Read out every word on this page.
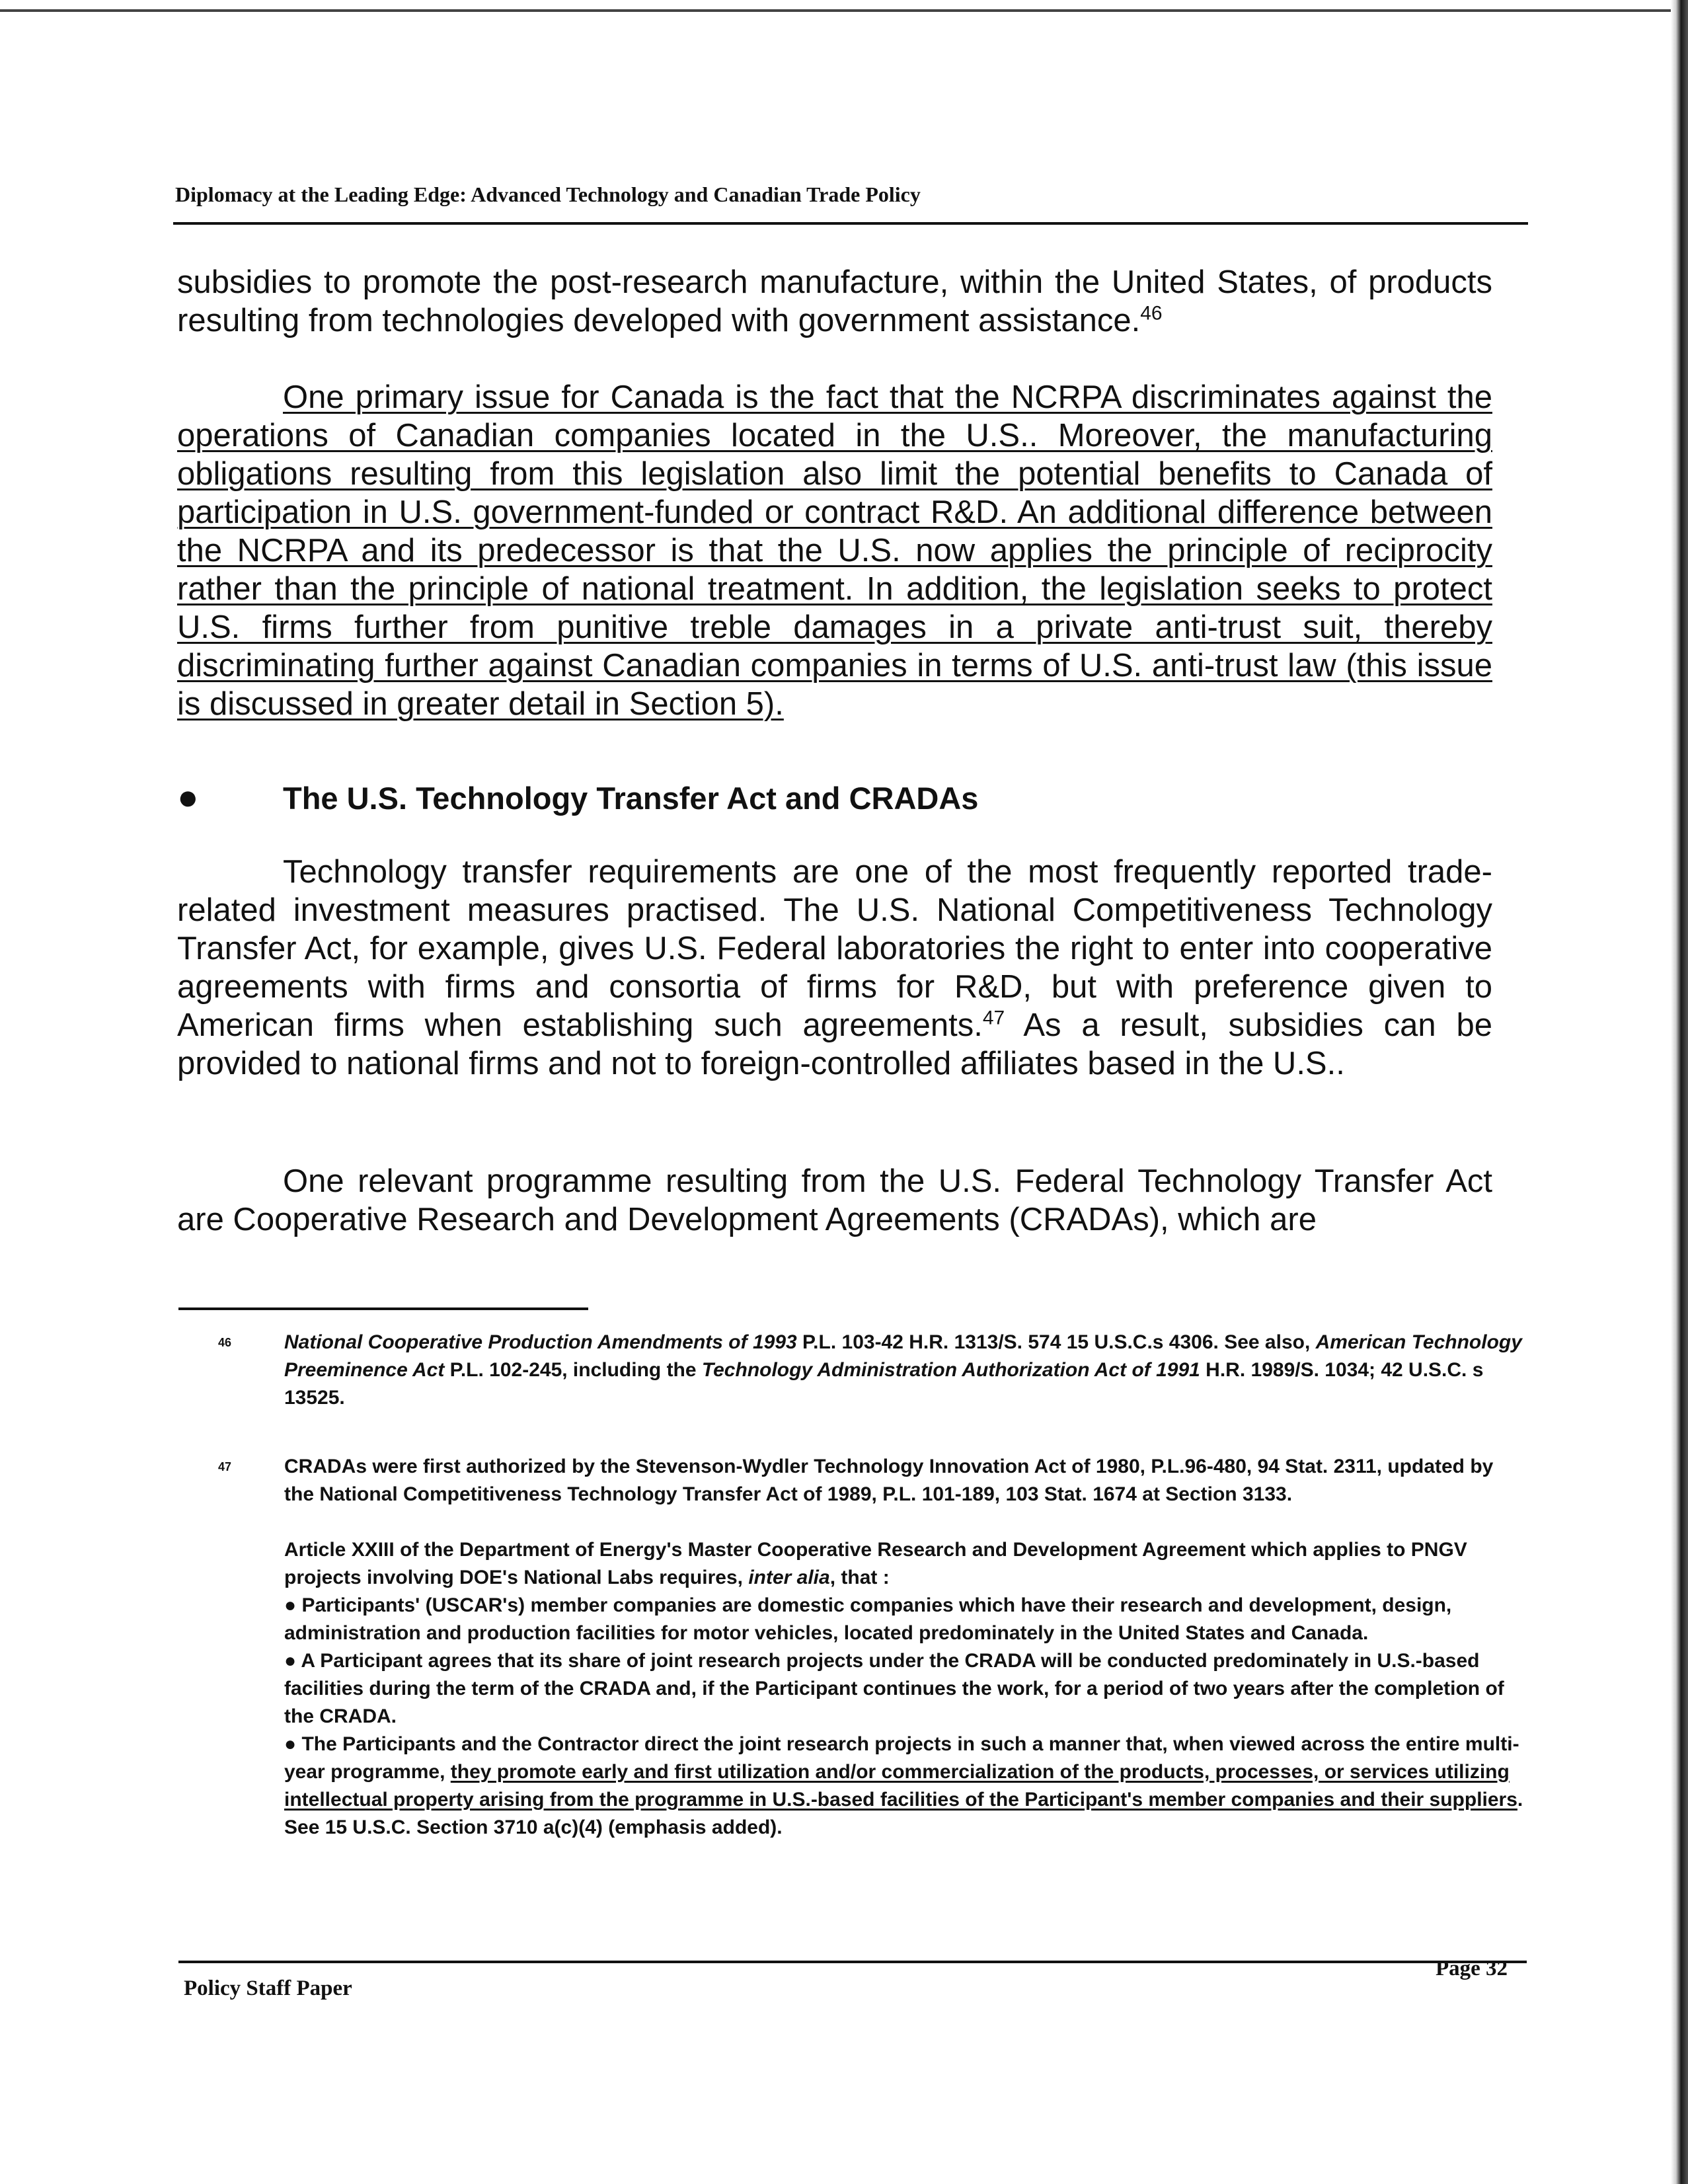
Diplomacy at the Leading Edge: Advanced Technology and Canadian Trade Policy

subsidies to promote the post-research manufacture, within the United States, of products resulting from technologies developed with government assistance.$^{46}$

One primary issue for Canada is the fact that the NCRPA discriminates against the operations of Canadian companies located in the U.S.. Moreover, the manufacturing obligations resulting from this legislation also limit the potential benefits to Canada of participation in U.S. government-funded or contract R&D. An additional difference between the NCRPA and its predecessor is that the U.S. now applies the principle of reciprocity rather than the principle of national treatment. In addition, the legislation seeks to protect U.S. firms further from punitive treble damages in a private anti-trust suit, thereby discriminating further against Canadian companies in terms of U.S. anti-trust law (this issue is discussed in greater detail in Section 5).

●	The U.S. Technology Transfer Act and CRADAs

Technology transfer requirements are one of the most frequently reported trade-related investment measures practised. The U.S. National Competitiveness Technology Transfer Act, for example, gives U.S. Federal laboratories the right to enter into cooperative agreements with firms and consortia of firms for R&D, but with preference given to American firms when establishing such agreements.$^{47}$ As a result, subsidies can be provided to national firms and not to foreign-controlled affiliates based in the U.S..

One relevant programme resulting from the U.S. Federal Technology Transfer Act are Cooperative Research and Development Agreements (CRADAs), which are

46	National Cooperative Production Amendments of 1993 P.L. 103-42 H.R. 1313/S. 574 15 U.S.C.s 4306. See also, American Technology Preeminence Act P.L. 102-245, including the Technology Administration Authorization Act of 1991 H.R. 1989/S. 1034; 42 U.S.C. s 13525.
47	CRADAs were first authorized by the Stevenson-Wydler Technology Innovation Act of 1980, P.L.96-480, 94 Stat. 2311, updated by the National Competitiveness Technology Transfer Act of 1989, P.L. 101-189, 103 Stat. 1674 at Section 3133.

Article XXIII of the Department of Energy's Master Cooperative Research and Development Agreement which applies to PNGV projects involving DOE's National Labs requires, inter alia, that :

● Participants' (USCAR's) member companies are domestic companies which have their research and development, design, administration and production facilities for motor vehicles, located predominately in the United States and Canada.

● A Participant agrees that its share of joint research projects under the CRADA will be conducted predominately in U.S.-based facilities during the term of the CRADA and, if the Participant continues the work, for a period of two years after the completion of the CRADA.

● The Participants and the Contractor direct the joint research projects in such a manner that, when viewed across the entire multi-year programme, they promote early and first utilization and/or commercialization of the products, processes, or services utilizing intellectual property arising from the programme in U.S.-based facilities of the Participant's member companies and their suppliers. See 15 U.S.C. Section 3710 a(c)(4) (emphasis added).

Policy Staff Paper
Page 32
